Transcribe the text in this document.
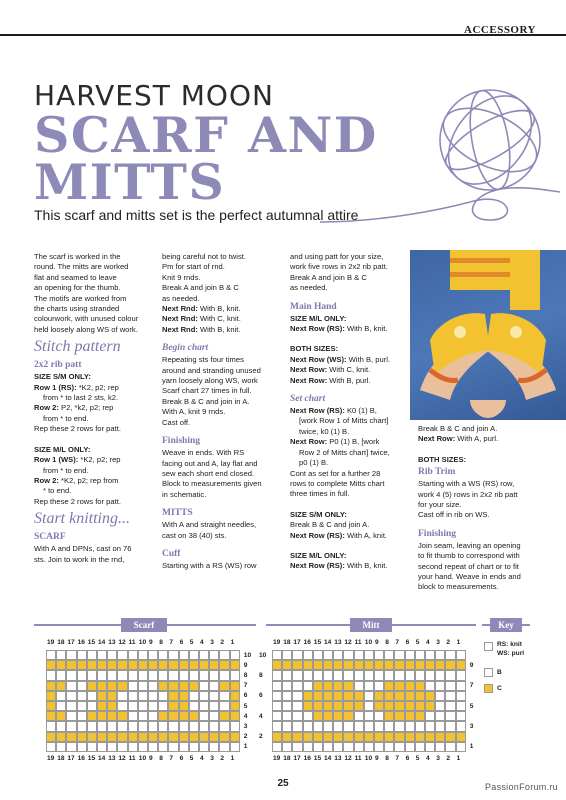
ACCESSORY
HARVEST MOON
SCARF AND
MITTS
This scarf and mitts set is the perfect autumnal attire

The scarf is worked in the

round. The mitts are worked

flat and seamed to leave

an opening for the thumb.

The motifs are worked from

the charts using stranded

colourwork, with unused colour

held loosely along WS of work.

Stitch pattern
2x2 rib patt

SIZE S/M ONLY:

Row 1 (RS): *K2, p2; rep

from * to last 2 sts, k2.

Row 2: P2, *k2, p2; rep

from * to end.

Rep these 2 rows for patt.

SIZE M/L ONLY:

Row 1 (WS): *K2, p2; rep

from * to end.

Row 2: *K2, p2; rep from

* to end.

Rep these 2 rows for patt.

Start knitting...
SCARF

With A and DPNs, cast on 76

sts. Join to work in the rnd,

being careful not to twist.

Pm for start of rnd.

Knit 9 rnds.

Break A and join B & C

as needed.

Next Rnd: With B, knit.

Next Rnd: With C, knit.

Next Rnd: With B, knit.

Begin chart

Repeating sts four times

around and stranding unused

yarn loosely along WS, work

Scarf chart 27 times in full.

Break B & C and join in A.

With A, knit 9 rnds.

Cast off.

Finishing

Weave in ends. With RS

facing out and A, lay flat and

sew each short end closed.

Block to measurements given

in schematic.

MITTS

With A and straight needles,

cast on 38 (40) sts.

Cuff

Starting with a RS (WS) row

and using patt for your size,

work five rows in 2x2 rib patt.

Break A and join B & C

as needed.

Main Hand

SIZE M/L ONLY:

Next Row (RS): With B, knit.

BOTH SIZES:

Next Row (WS): With B, purl.

Next Row: With C, knit.

Next Row: With B, purl.

Set chart

Next Row (RS): K0 (1) B,

[work Row 1 of Mitts chart]

twice, k0 (1) B.

Next Row: P0 (1) B, [work

Row 2 of Mitts chart] twice,

p0 (1) B.

Cont as set for a further 28

rows to complete Mitts chart

three times in full.

SIZE S/M ONLY:

Break B & C and join A.

Next Row (RS): With A, knit.

SIZE M/L ONLY:

Next Row (RS): With B, knit.

Break B & C and join A.

Next Row: With A, purl.

BOTH SIZES:

Rib Trim

Starting with a WS (RS) row,

work 4 (5) rows in 2x2 rib patt

for your size.

Cast off in rib on WS.

Finishing

Join seam, leaving an opening

to fit thumb to correspond with

second repeat of chart or to fit

your hand. Weave in ends and

block to measurements.

Scarf	Mitt	Key
19
19
18
18
17
17
16
16
15
15
14
14
13
13
12
12
11
11
10
10
9
9
8
8
7
7
6
6
5
5
4
4
3
3
2
2
1
1
10
9
8
7
6
5
4
3
2
1
19
19
18
18
17
17
16
16
15
15
14
14
13
13
12
12
11
11
10
10
9
9
8
8
7
7
6
6
5
5
4
4
3
3
2
2
1
1
9
7
5
3
1
10
8
6
4
2
RS: knit
WS: purl
B
C
25	PassionForum.ru
